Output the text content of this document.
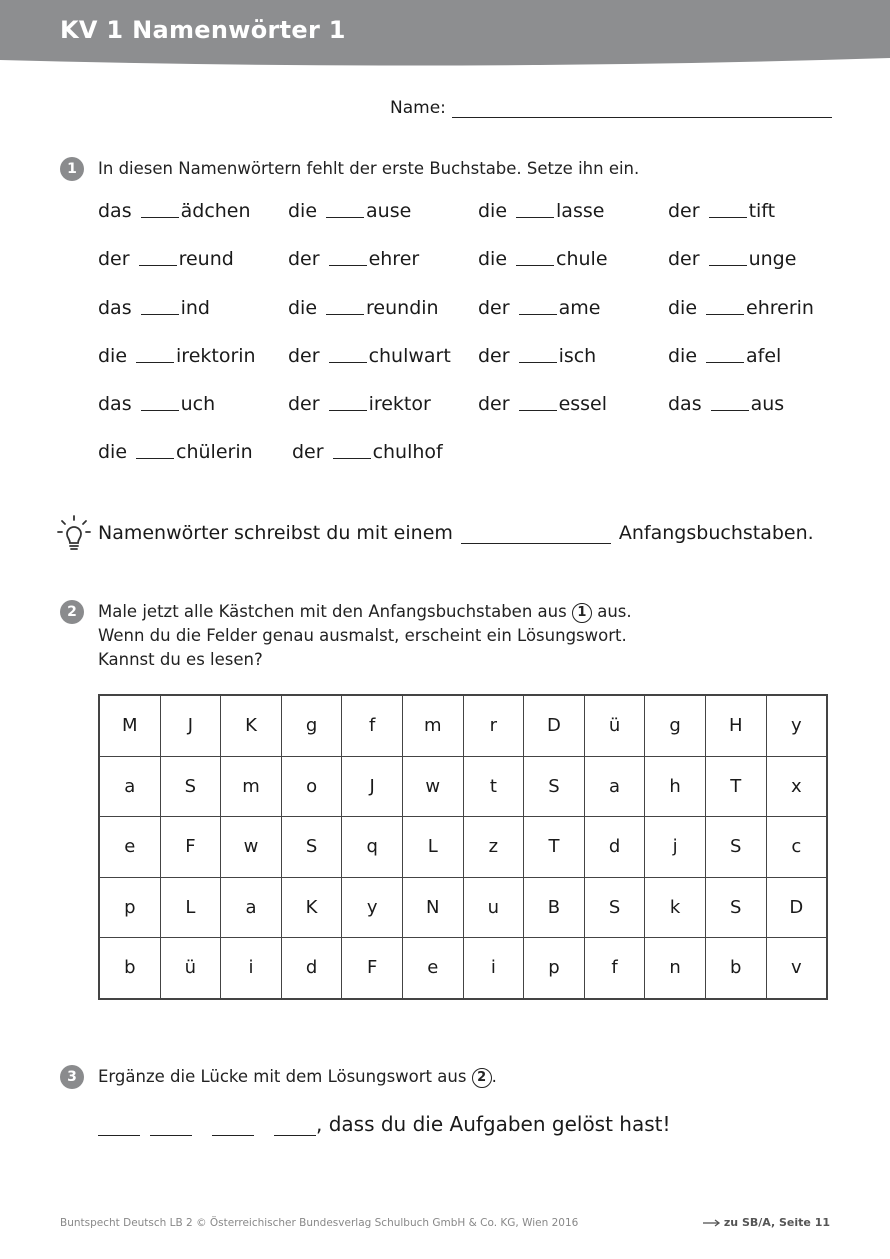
KV 1 Namenwörter 1
Name:
1	In diesen Namenwörtern fehlt der erste Buchstabe. Setze ihn ein.
das	ädchen die	ause	die	lasse	der	tift
der	reund	der	ehrer	die	chule	der	unge
das	ind	die	reundin der	ame	die	ehrerin
die	irektorin der	chulwart der	isch	die	afel
das	uch	der	irektor der	essel	das	aus
die	chülerin der	chulhof
Namenwörter schreibst du mit einem	Anfangsbuchstaben.
2	Male jetzt alle Kästchen mit den Anfangsbuchstaben aus 1 aus.
Wenn du die Felder genau ausmalst, erscheint ein Lösungswort.
Kannst du es lesen?
M	J	K	g	f	m	r	D	ü	g	H	y
a	S	m	o	J	w	t	S	a	h	T	x
e	F	w	S	q	L	z	T	d	j	S	c
p	L	a	K	y	N	u	B	S	k	S	D
b	ü	i	d	F	e	i	p	f	n	b	v
3	Ergänze die Lücke mit dem Lösungswort aus 2 .
, dass du die Aufgaben gelöst hast!
Buntspecht Deutsch LB 2 © Österreichischer Bundesverlag Schulbuch GmbH & Co. KG, Wien 2016	zu SB/A, Seite 11
